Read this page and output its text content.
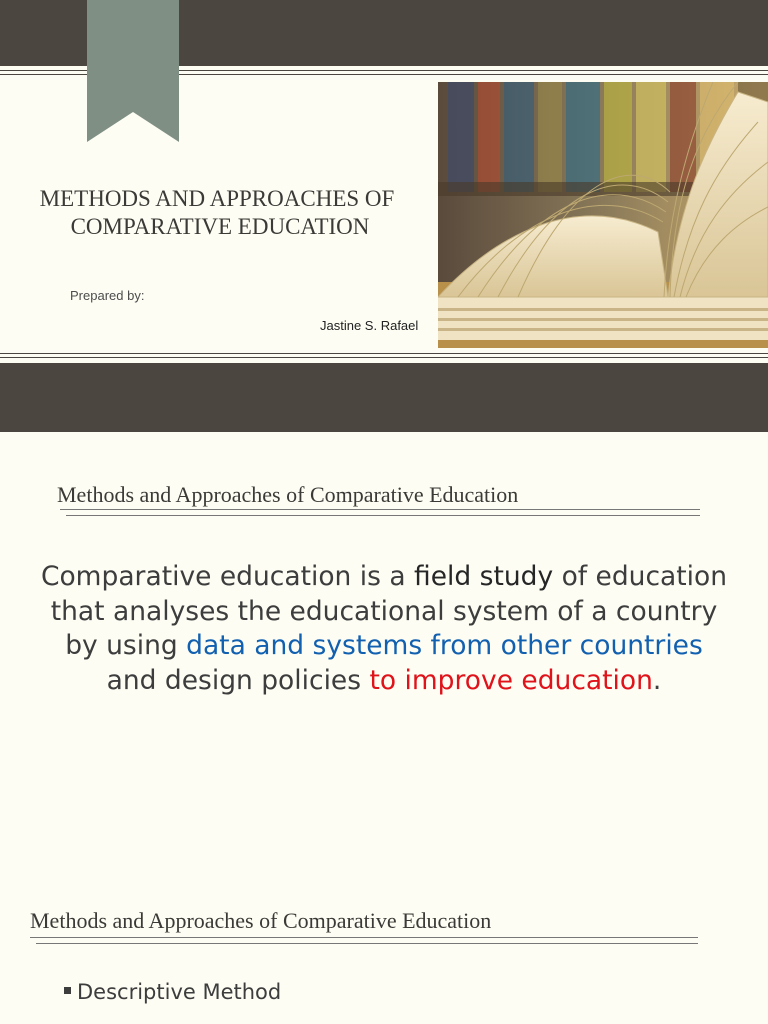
METHODS AND APPROACHES OF
COMPARATIVE EDUCATION
Prepared by:
Jastine S. Rafael
Methods and Approaches of Comparative Education

Comparative education is a field study of education that analyses the educational system of a country by using data and systems from other countries and design policies to improve education.

Methods and Approaches of Comparative Education
Descriptive Method
